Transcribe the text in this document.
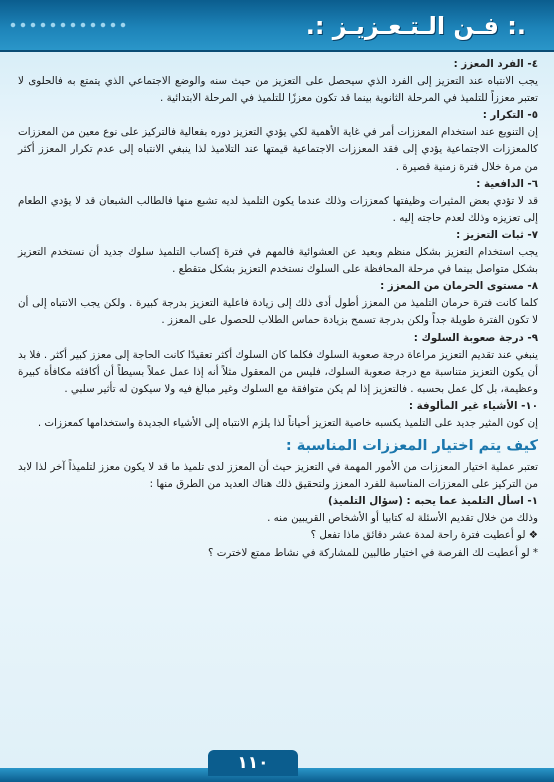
.: فـن الـتـعـزيـز :.

٤- الفرد المعزز :

يجب الانتباه عند التعزيز إلى الفرد الذي سيحصل على التعزيز من حيث سنه والوضع الاجتماعي الذي يتمتع به فالحلوى لا تعتبر معززاً للتلميذ في المرحلة الثانوية بينما قد تكون معززًا للتلميذ في المرحلة الابتدائية .

٥- التكرار :

إن التنويع عند استخدام المعززات أمر في غاية الأهمية لكي يؤدي التعزيز دوره بفعالية فالتركيز على نوع معين من المعززات كالمعززات الاجتماعية يؤدي إلى فقد المعززات الاجتماعية قيمتها عند التلاميذ لذا ينبغي الانتباه إلى عدم تكرار المعزز أكثر من مرة خلال فترة زمنية قصيرة .

٦- الدافعية :

قد لا تؤدي بعض المثيرات وظيفتها كمعززات وذلك عندما يكون التلميذ لديه تشبع منها فالطالب الشبعان قد لا يؤدي الطعام إلى تعزيزه وذلك لعدم حاجته إليه .

٧- ثبات التعزيز :

يجب استخدام التعزيز بشكل منظم وبعيد عن العشوائية فالمهم في فترة إكساب التلميذ سلوك جديد أن نستخدم التعزيز بشكل متواصل بينما في مرحلة المحافظة على السلوك نستخدم التعزيز بشكل متقطع .

٨- مستوى الحرمان من المعزز :

كلما كانت فترة حرمان التلميذ من المعزز أطول أدى ذلك إلى زيادة فاعلية التعزيز بدرجة كبيرة . ولكن يجب الانتباه إلى أن لا تكون الفترة طويلة جداً ولكن بدرجة تسمح بزيادة حماس الطلاب للحصول على المعزز .

٩- درجة صعوبة السلوك :

ينبغي عند تقديم التعزيز مراعاة درجة صعوبة السلوك فكلما كان السلوك أكثر تعقيدًا كانت الحاجة إلى معزز كبير أكثر . فلا بد أن يكون التعزيز متناسبة مع درجة صعوبة السلوك، فليس من المعقول مثلاً أنه إذا عمل عملاً بسيطاً أن أكافئه مكافأة كبيرة وعظيمة، بل كل عمل بحسبه . فالتعزيز إذا لم يكن متوافقة مع السلوك وغير مبالغ فيه ولا سيكون له تأثير سلبي .

١٠- الأشياء غير المألوفة :

إن كون المثير جديد على التلميذ يكسبه خاصية التعزيز أحياناً لذا يلزم الانتباه إلى الأشياء الجديدة واستخدامها كمعززات .

كيف يتم اختيار المعززات المناسبة :

تعتبر عملية اختيار المعززات من الأمور المهمة في التعزيز حيث أن المعزز لدى تلميذ ما قد لا يكون معزز لتلميذاً آخر لذا لابد من التركيز على المعززات المناسبة للفرد المعزز ولتحقيق ذلك هناك العديد من الطرق منها :

١- اسأل التلميذ عما يحبه : (سؤال التلميذ)

وذلك من خلال تقديم الأسئلة له كتابيا أو الأشخاص القريبين منه .

❖ لو أعطيت فترة راحة لمدة عشر دقائق ماذا تفعل ؟

* لو أعطيت لك الفرصة في اختيار طالبين للمشاركة في نشاط ممتع لاخترت ؟

١١٠
